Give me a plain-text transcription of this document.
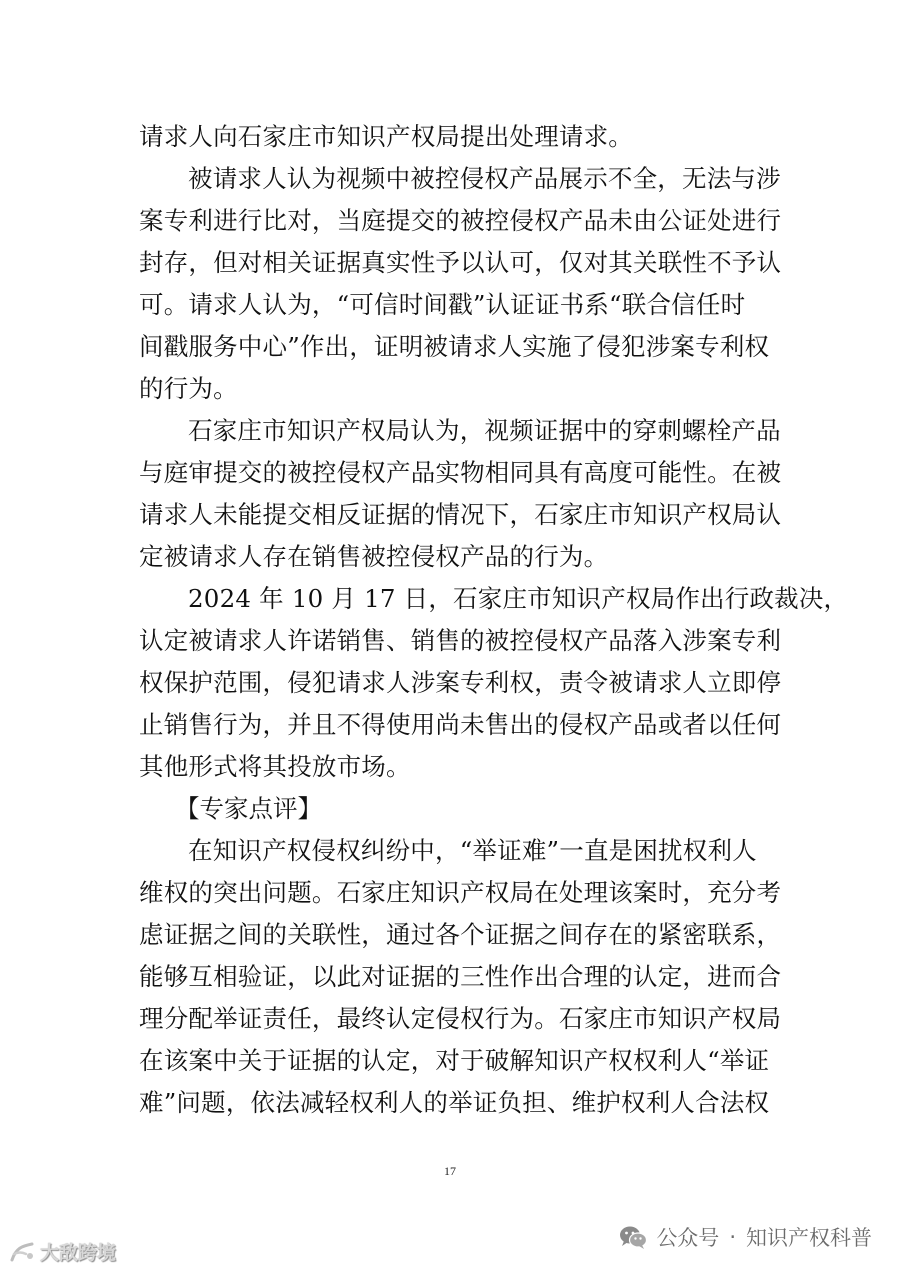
请求人向石家庄市知识产权局提出处理请求。

被请求人认为视频中被控侵权产品展示不全，无法与涉
案专利进行比对，当庭提交的被控侵权产品未由公证处进行
封存，但对相关证据真实性予以认可，仅对其关联性不予认
可。请求人认为，“可信时间戳”认证证书系“联合信任时
间戳服务中心”作出，证明被请求人实施了侵犯涉案专利权
的行为。

石家庄市知识产权局认为，视频证据中的穿刺螺栓产品
与庭审提交的被控侵权产品实物相同具有高度可能性。在被
请求人未能提交相反证据的情况下，石家庄市知识产权局认
定被请求人存在销售被控侵权产品的行为。

2024 年 10 月 17 日，石家庄市知识产权局作出行政裁决，
认定被请求人许诺销售、销售的被控侵权产品落入涉案专利
权保护范围，侵犯请求人涉案专利权，责令被请求人立即停
止销售行为，并且不得使用尚未售出的侵权产品或者以任何
其他形式将其投放市场。

【专家点评】

在知识产权侵权纠纷中，“举证难”一直是困扰权利人
维权的突出问题。石家庄知识产权局在处理该案时，充分考
虑证据之间的关联性，通过各个证据之间存在的紧密联系，
能够互相验证，以此对证据的三性作出合理的认定，进而合
理分配举证责任，最终认定侵权行为。石家庄市知识产权局
在该案中关于证据的认定，对于破解知识产权权利人“举证
难”问题，依法减轻权利人的举证负担、维护权利人合法权

17
大敌跨境
公众号 · 知识产权科普
